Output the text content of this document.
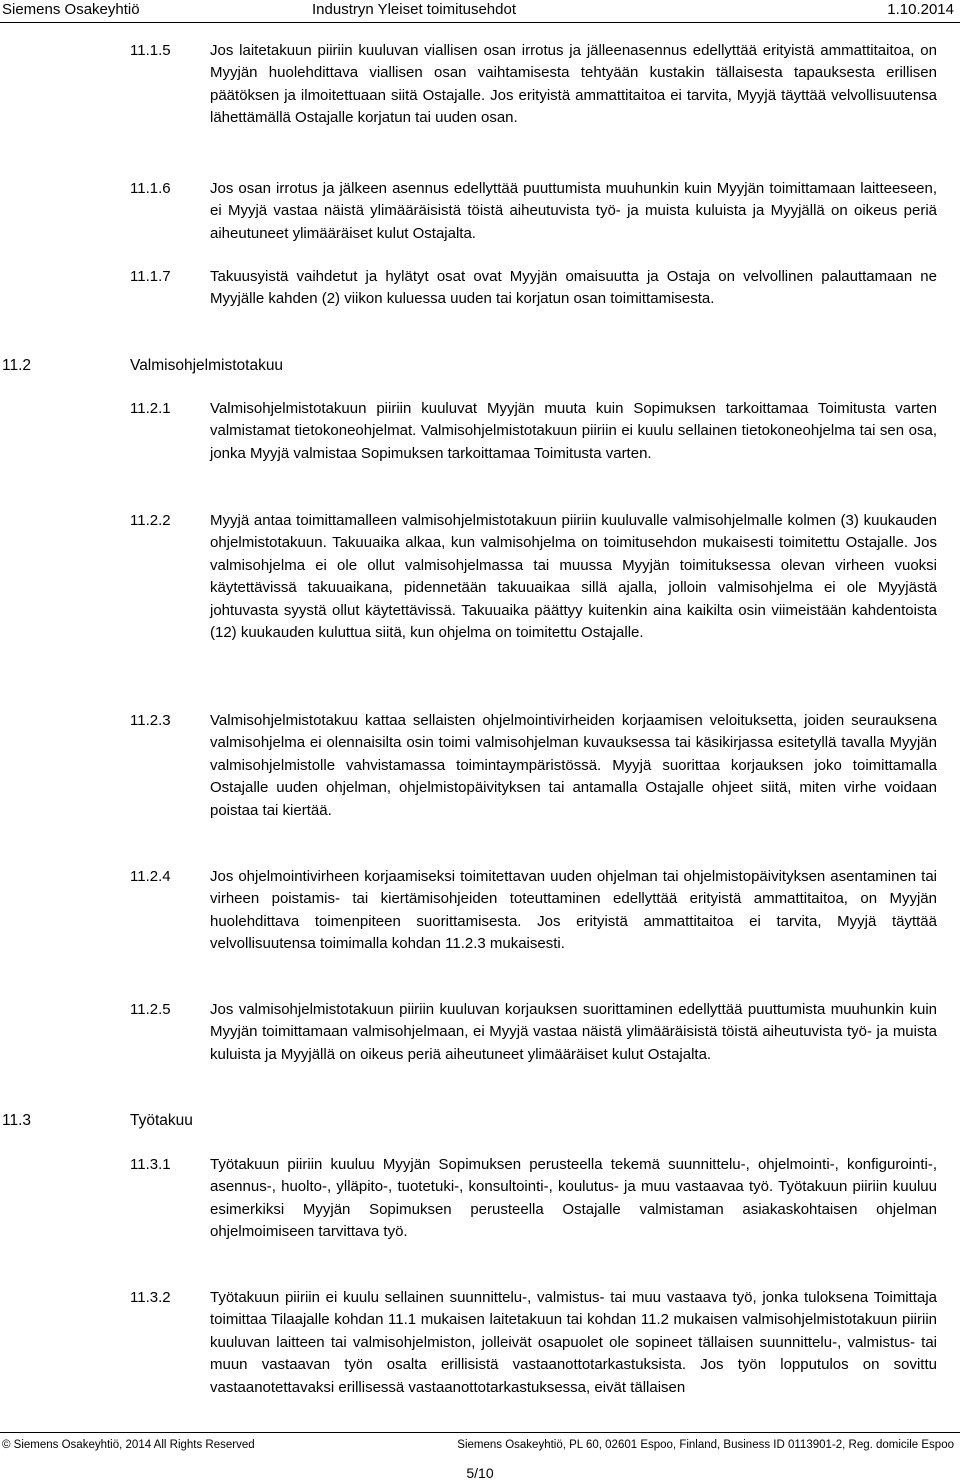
Siemens Osakeyhtiö	Industryn Yleiset toimitusehdot	1.10.2014
11.1.5	Jos laitetakuun piiriin kuuluvan viallisen osan irrotus ja jälleenasennus edellyttää erityistä ammattitaitoa, on Myyjän huolehdittava viallisen osan vaihtamisesta tehtyään kustakin tällaisesta tapauksesta erillisen päätöksen ja ilmoitettuaan siitä Ostajalle. Jos erityistä ammattitaitoa ei tarvita, Myyjä täyttää velvollisuutensa lähettämällä Ostajalle korjatun tai uuden osan.
11.1.6	Jos osan irrotus ja jälkeen asennus edellyttää puuttumista muuhunkin kuin Myyjän toimittamaan laitteeseen, ei Myyjä vastaa näistä ylimääräisistä töistä aiheutuvista työ- ja muista kuluista ja Myyjällä on oikeus periä aiheutuneet ylimääräiset kulut Ostajalta.
11.1.7	Takuusyistä vaihdetut ja hylätyt osat ovat Myyjän omaisuutta ja Ostaja on velvollinen palauttamaan ne Myyjälle kahden (2) viikon kuluessa uuden tai korjatun osan toimittamisesta.
11.2	Valmisohjelmistotakuu
11.2.1	Valmisohjelmistotakuun piiriin kuuluvat Myyjän muuta kuin Sopimuksen tarkoittamaa Toimitusta varten valmistamat tietokoneohjelmat. Valmisohjelmistotakuun piiriin ei kuulu sellainen tietokoneohjelma tai sen osa, jonka Myyjä valmistaa Sopimuksen tarkoittamaa Toimitusta varten.
11.2.2	Myyjä antaa toimittamalleen valmisohjelmistotakuun piiriin kuuluvalle valmisohjelmalle kolmen (3) kuukauden ohjelmistotakuun. Takuuaika alkaa, kun valmisohjelma on toimitusehdon mukaisesti toimitettu Ostajalle. Jos valmisohjelma ei ole ollut valmisohjelmassa tai muussa Myyjän toimituksessa olevan virheen vuoksi käytettävissä takuuaikana, pidennetään takuuaikaa sillä ajalla, jolloin valmisohjelma ei ole Myyjästä johtuvasta syystä ollut käytettävissä. Takuuaika päättyy kuitenkin aina kaikilta osin viimeistään kahdentoista (12) kuukauden kuluttua siitä, kun ohjelma on toimitettu Ostajalle.
11.2.3	Valmisohjelmistotakuu kattaa sellaisten ohjelmointivirheiden korjaamisen veloituksetta, joiden seurauksena valmisohjelma ei olennaisilta osin toimi valmisohjelman kuvauksessa tai käsikirjassa esitetyllä tavalla Myyjän valmisohjelmistolle vahvistamassa toimintaympäristössä. Myyjä suorittaa korjauksen joko toimittamalla Ostajalle uuden ohjelman, ohjelmistopäivityksen tai antamalla Ostajalle ohjeet siitä, miten virhe voidaan poistaa tai kiertää.
11.2.4	Jos ohjelmointivirheen korjaamiseksi toimitettavan uuden ohjelman tai ohjelmistopäivityksen asentaminen tai virheen poistamis- tai kiertämisohjeiden toteuttaminen edellyttää erityistä ammattitaitoa, on Myyjän huolehdittava toimenpiteen suorittamisesta. Jos erityistä ammattitaitoa ei tarvita, Myyjä täyttää velvollisuutensa toimimalla kohdan 11.2.3 mukaisesti.
11.2.5	Jos valmisohjelmistotakuun piiriin kuuluvan korjauksen suorittaminen edellyttää puuttumista muuhunkin kuin Myyjän toimittamaan valmisohjelmaan, ei Myyjä vastaa näistä ylimääräisistä töistä aiheutuvista työ- ja muista kuluista ja Myyjällä on oikeus periä aiheutuneet ylimääräiset kulut Ostajalta.
11.3	Työtakuu
11.3.1	Työtakuun piiriin kuuluu Myyjän Sopimuksen perusteella tekemä suunnittelu-, ohjelmointi-, konfigurointi-, asennus-, huolto-, ylläpito-, tuotetuki-, konsultointi-, koulutus- ja muu vastaavaa työ. Työtakuun piiriin kuuluu esimerkiksi Myyjän Sopimuksen perusteella Ostajalle valmistaman asiakaskohtaisen ohjelman ohjelmoimiseen tarvittava työ.
11.3.2	Työtakuun piiriin ei kuulu sellainen suunnittelu-, valmistus- tai muu vastaava työ, jonka tuloksena Toimittaja toimittaa Tilaajalle kohdan 11.1 mukaisen laitetakuun tai kohdan 11.2 mukaisen valmisohjelmistotakuun piiriin kuuluvan laitteen tai valmisohjelmiston, jolleivät osapuolet ole sopineet tällaisen suunnittelu-, valmistus- tai muun vastaavan työn osalta erillisistä vastaanottotarkastuksista. Jos työn lopputulos on sovittu vastaanotettavaksi erillisessä vastaanottotarkastuksessa, eivät tällaisen
© Siemens Osakeyhtiö, 2014 All Rights Reserved	Siemens Osakeyhtiö, PL 60, 02601 Espoo, Finland, Business ID 0113901-2, Reg. domicile Espoo
5/10
